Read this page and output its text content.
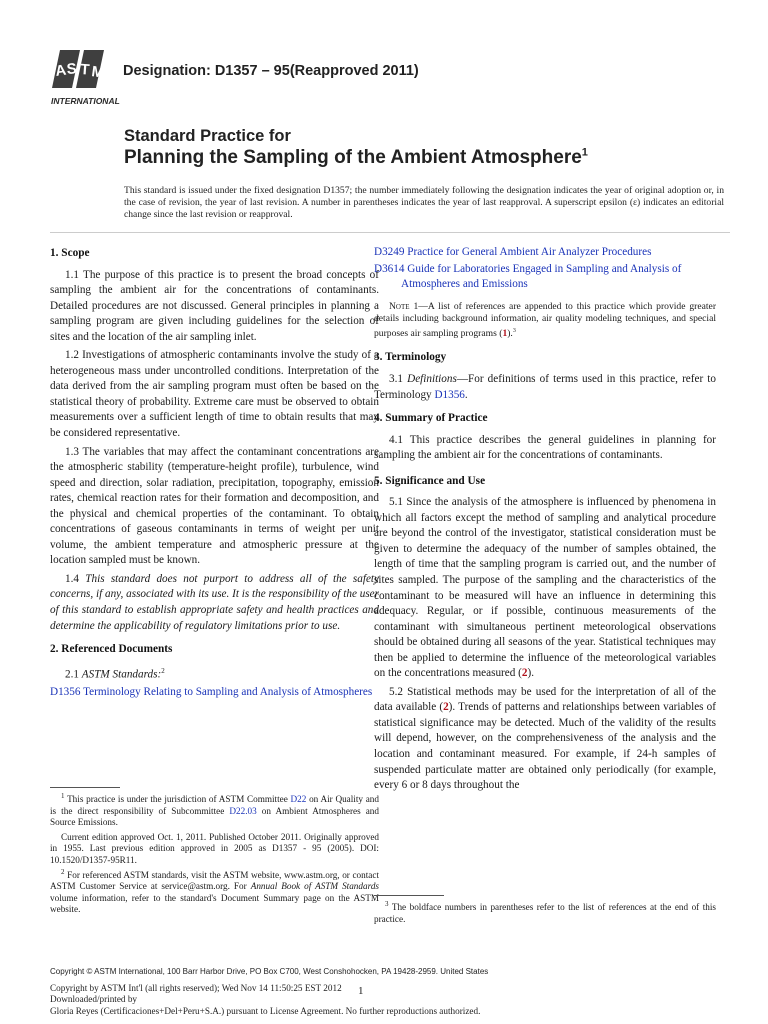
A
S T M
INTERNATIONAL
Designation: D1357 – 95(Reapproved 2011)
Standard Practice for
Planning the Sampling of the Ambient Atmosphere$^1$
This standard is issued under the fixed designation D1357; the number immediately following the designation indicates the year of original adoption or, in the case of revision, the year of last revision. A number in parentheses indicates the year of last reapproval. A superscript epsilon (ε) indicates an editorial change since the last revision or reapproval.
1. Scope

1.1 The purpose of this practice is to present the broad concepts of sampling the ambient air for the concentrations of contaminants. Detailed procedures are not discussed. General principles in planning a sampling program are given including guidelines for the selection of sites and the location of the air sampling inlet.

1.2 Investigations of atmospheric contaminants involve the study of a heterogeneous mass under uncontrolled conditions. Interpretation of the data derived from the air sampling program must often be based on the statistical theory of probability. Extreme care must be observed to obtain measurements over a sufficient length of time to obtain results that may be considered representative.

1.3 The variables that may affect the contaminant concentrations are the atmospheric stability (temperature-height profile), turbulence, wind speed and direction, solar radiation, precipitation, topography, emission rates, chemical reaction rates for their formation and decomposition, and the physical and chemical properties of the contaminant. To obtain concentrations of gaseous contaminants in terms of weight per unit volume, the ambient temperature and atmospheric pressure at the location sampled must be known.

1.4 This standard does not purport to address all of the safety concerns, if any, associated with its use. It is the responsibility of the user of this standard to establish appropriate safety and health practices and determine the applicability of regulatory limitations prior to use.

2. Referenced Documents

2.1 ASTM Standards:$^2$

D1356 Terminology Relating to Sampling and Analysis of Atmospheres
D3249 Practice for General Ambient Air Analyzer Procedures
D3614 Guide for Laboratories Engaged in Sampling and Analysis of Atmospheres and Emissions

Note 1—A list of references are appended to this practice which provide greater details including background information, air quality modeling techniques, and special purposes air sampling programs (1).$^3$

3. Terminology

3.1 Definitions—For definitions of terms used in this practice, refer to Terminology D1356.

4. Summary of Practice

4.1 This practice describes the general guidelines in planning for sampling the ambient air for the concentrations of contaminants.

5. Significance and Use

5.1 Since the analysis of the atmosphere is influenced by phenomena in which all factors except the method of sampling and analytical procedure are beyond the control of the investigator, statistical consideration must be given to determine the adequacy of the number of samples obtained, the length of time that the sampling program is carried out, and the number of sites sampled. The purpose of the sampling and the characteristics of the contaminant to be measured will have an influence in determining this adequacy. Regular, or if possible, continuous measurements of the contaminant with simultaneous pertinent meteorological observations should be obtained during all seasons of the year. Statistical techniques may then be applied to determine the influence of the meteorological variables on the concentrations measured (2).

5.2 Statistical methods may be used for the interpretation of all of the data available (2). Trends of patterns and relationships between variables of statistical significance may be detected. Much of the validity of the results will depend, however, on the comprehensiveness of the analysis and the location and contaminant measured. For example, if 24-h samples of suspended particulate matter are obtained only periodically (for example, every 6 or 8 days throughout the

$^1$ This practice is under the jurisdiction of ASTM Committee D22 on Air Quality and is the direct responsibility of Subcommittee D22.03 on Ambient Atmospheres and Source Emissions.

Current edition approved Oct. 1, 2011. Published October 2011. Originally approved in 1955. Last previous edition approved in 2005 as D1357 - 95 (2005). DOI: 10.1520/D1357-95R11.

$^2$ For referenced ASTM standards, visit the ASTM website, www.astm.org, or contact ASTM Customer Service at service@astm.org. For Annual Book of ASTM Standards volume information, refer to the standard's Document Summary page on the ASTM website.

$^3$ The boldface numbers in parentheses refer to the list of references at the end of this practice.

Copyright © ASTM International, 100 Barr Harbor Drive, PO Box C700, West Conshohocken, PA 19428-2959. United States
Copyright by ASTM Int'l (all rights reserved); Wed Nov 14 11:50:25 EST 2012
Downloaded/printed by
Gloria Reyes (Certificaciones+Del+Peru+S.A.) pursuant to License Agreement. No further reproductions authorized.
1
